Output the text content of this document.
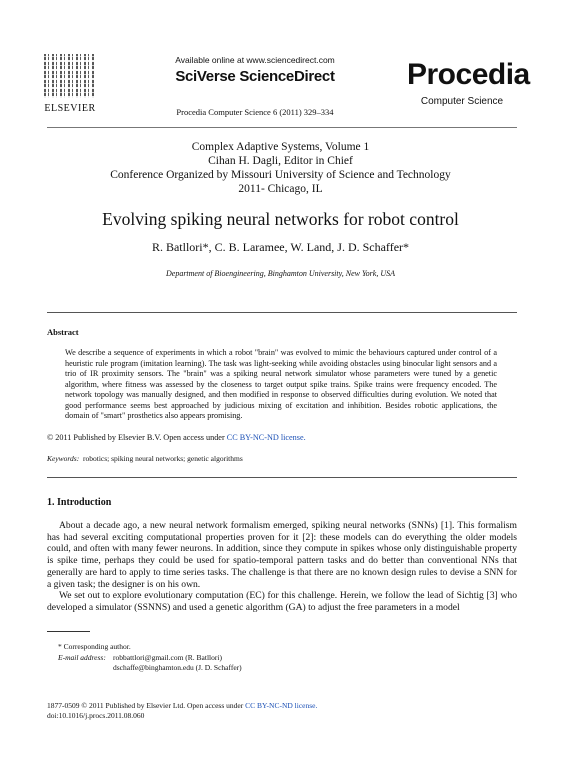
ELSEVIER
Available online at www.sciencedirect.com
SciVerse ScienceDirect
Procedia Computer Science 6 (2011) 329–334
Procedia
Computer Science
Complex Adaptive Systems, Volume 1
Cihan H. Dagli, Editor in Chief
Conference Organized by Missouri University of Science and Technology
2011- Chicago, IL
Evolving spiking neural networks for robot control
R. Batllori*, C. B. Laramee, W. Land, J. D. Schaffer*
Department of Bioengineering, Binghamton University, New York, USA
Abstract
We describe a sequence of experiments in which a robot "brain" was evolved to mimic the behaviours captured under control of a heuristic rule program (imitation learning). The task was light-seeking while avoiding obstacles using binocular light sensors and a trio of IR proximity sensors. The "brain" was a spiking neural network simulator whose parameters were tuned by a genetic algorithm, where fitness was assessed by the closeness to target output spike trains. Spike trains were frequency encoded. The network topology was manually designed, and then modified in response to observed difficulties during evolution. We noted that good performance seems best approached by judicious mixing of excitation and inhibition. Besides robotic applications, the domain of "smart" prosthetics also appears promising.
© 2011 Published by Elsevier B.V. Open access under CC BY-NC-ND license.
Keywords: robotics; spiking neural networks; genetic algorithms
1. Introduction

About a decade ago, a new neural network formalism emerged, spiking neural networks (SNNs) [1]. This formalism has had several exciting computational properties proven for it [2]: these models can do everything the older models could, and often with many fewer neurons. In addition, since they compute in spikes whose only distinguishable property is spike time, perhaps they could be used for spatio-temporal pattern tasks and do better than conventional NNs that generally are hard to apply to time series tasks. The challenge is that there are no known design rules to devise a SNN for a given task; the designer is on his own.

We set out to explore evolutionary computation (EC) for this challenge. Herein, we follow the lead of Sichtig [3] who developed a simulator (SSNNS) and used a genetic algorithm (GA) to adjust the free parameters in a model

* Corresponding author.
E-mail address: robbattlori@gmail.com (R. Batllori)
dschaffe@binghamton.edu (J. D. Schaffer)
1877-0509 © 2011 Published by Elsevier Ltd. Open access under CC BY-NC-ND license.
doi:10.1016/j.procs.2011.08.060
